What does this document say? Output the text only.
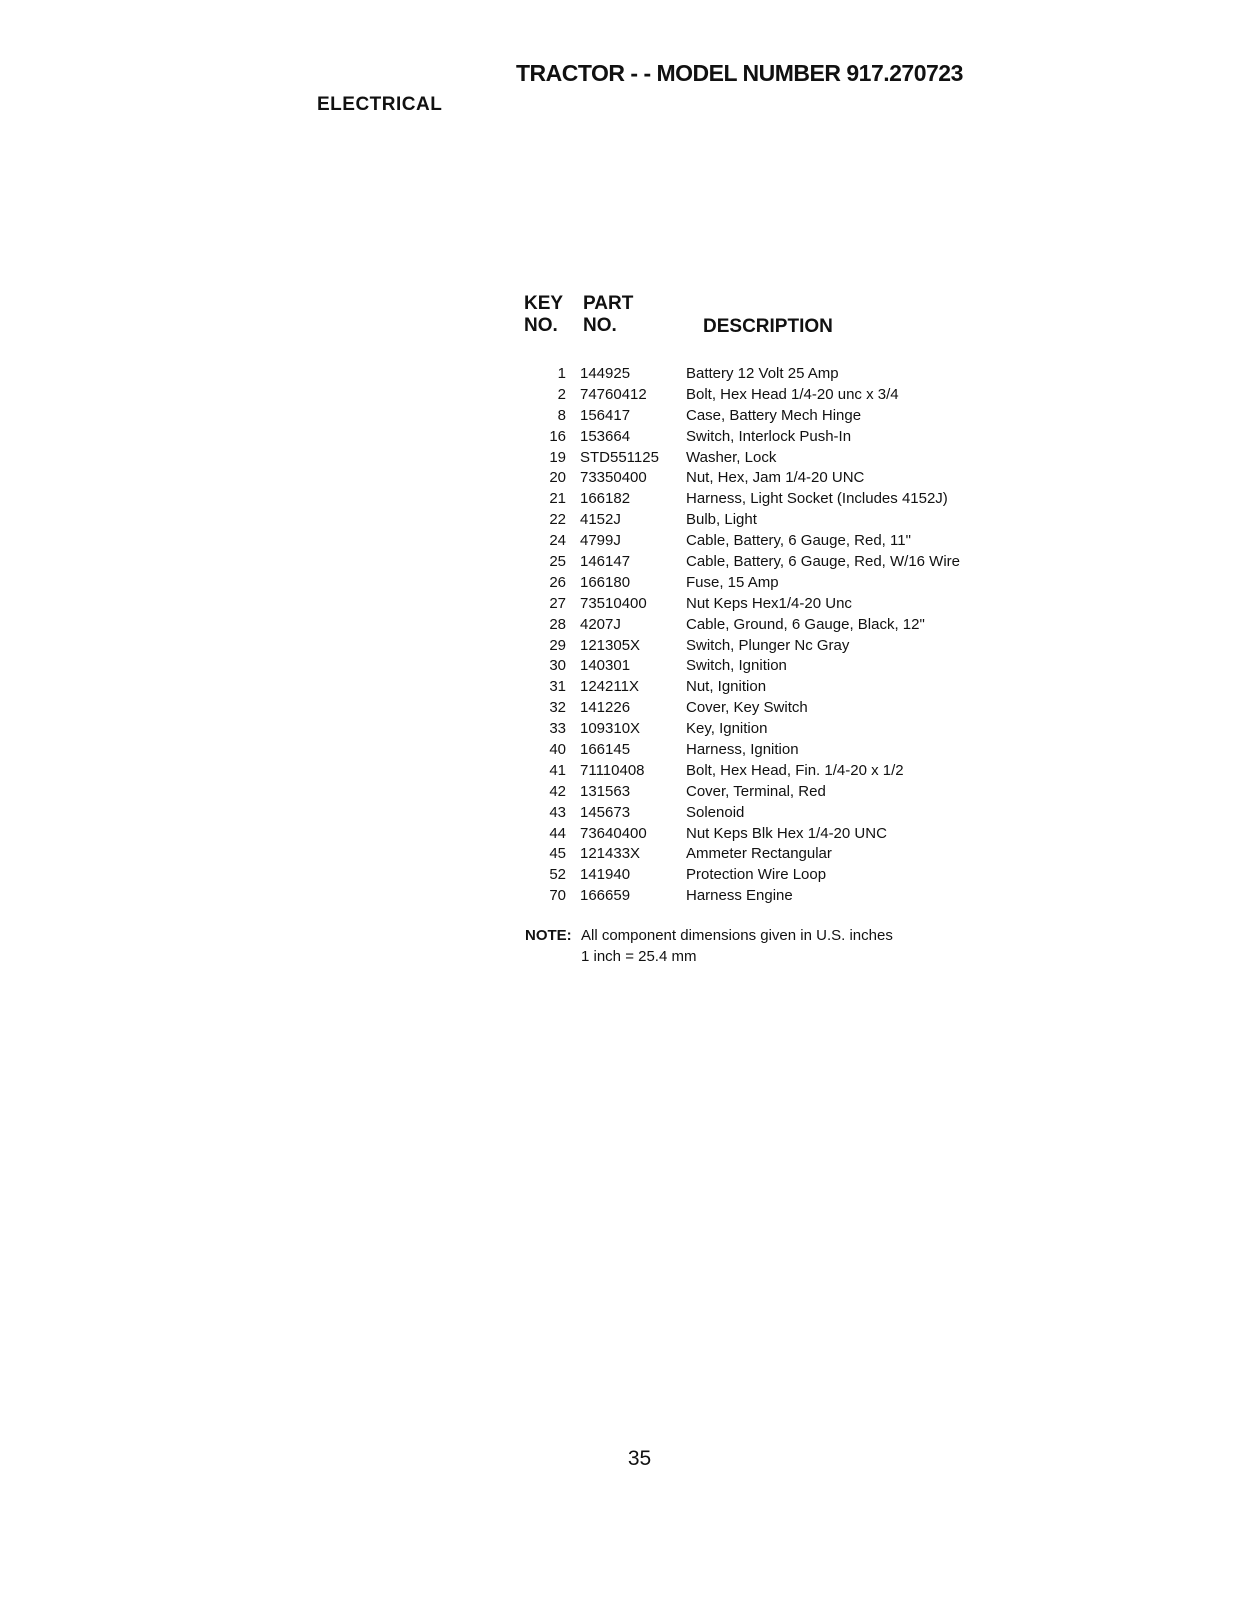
TRACTOR - - MODEL NUMBER 917.270723
ELECTRICAL
KEY
NO.
PART
NO.	DESCRIPTION
1 144925	Battery 12 Volt 25 Amp
2 74760412	Bolt, Hex Head 1/4-20 unc x 3/4
8 156417	Case, Battery Mech Hinge
16 153664	Switch, Interlock Push-In
19 STD551125	Washer, Lock
20 73350400	Nut, Hex, Jam 1/4-20 UNC
21 166182	Harness, Light Socket (Includes 4152J)
22 4152J	Bulb, Light
24 4799J	Cable, Battery, 6 Gauge, Red, 11"
25 146147	Cable, Battery, 6 Gauge, Red, W/16 Wire
26 166180	Fuse, 15 Amp
27 73510400	Nut Keps Hex1/4-20 Unc
28 4207J	Cable, Ground, 6 Gauge, Black, 12"
29 121305X	Switch, Plunger Nc Gray
30 140301	Switch, Ignition
31 124211X	Nut, Ignition
32 141226	Cover, Key Switch
33 109310X	Key, Ignition
40 166145	Harness, Ignition
41 71110408	Bolt, Hex Head, Fin. 1/4-20 x 1/2
42 131563	Cover, Terminal, Red
43 145673	Solenoid
44 73640400	Nut Keps Blk Hex 1/4-20 UNC
45 121433X	Ammeter Rectangular
52 141940	Protection Wire Loop
70 166659	Harness Engine
NOTE: All component dimensions given in U.S. inches
1 inch = 25.4 mm
35
